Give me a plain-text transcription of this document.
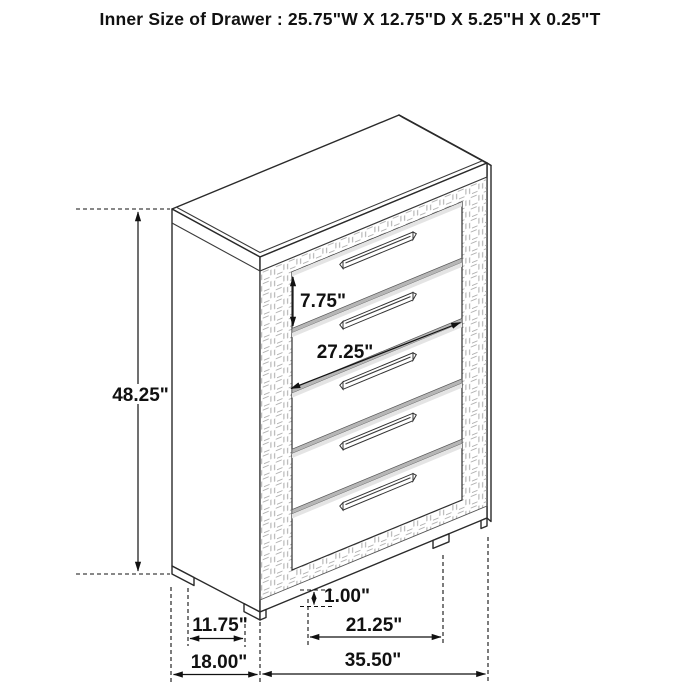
Inner Size of Drawer : 25.75"W X 12.75"D X 5.25"H X 0.25"T
48.25"
7.75"
27.25"
1.00"
11.75"
18.00"
21.25"
35.50"
